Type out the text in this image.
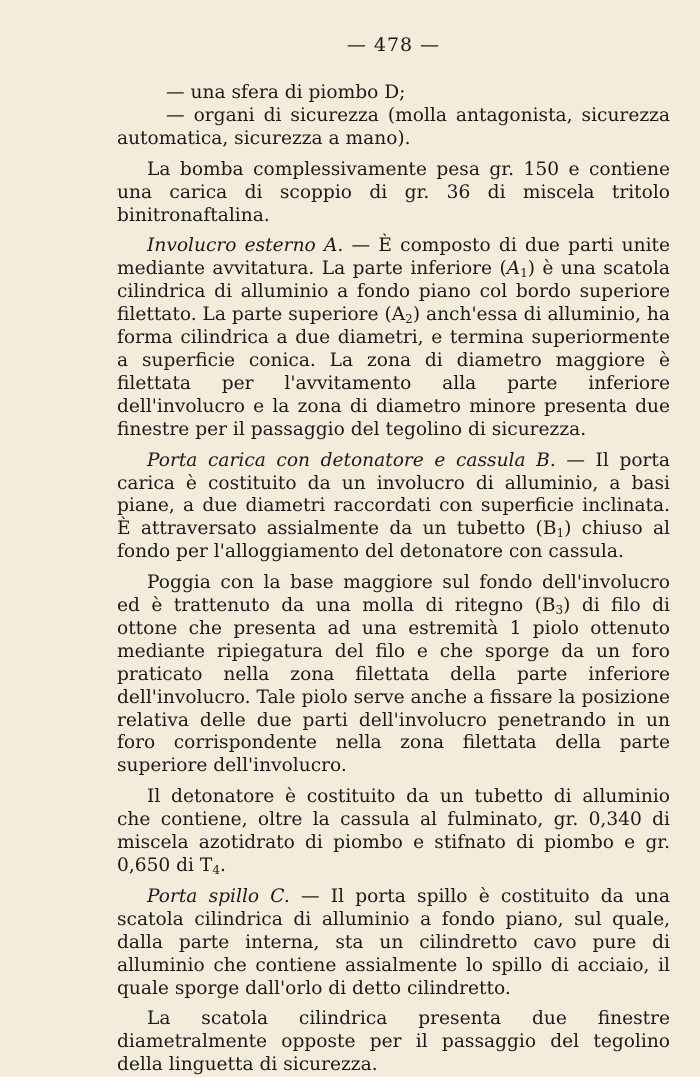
— 478 —

— una sfera di piombo D;

— organi di sicurezza (molla antagonista, sicurezza automatica, sicurezza a mano).

La bomba complessivamente pesa gr. 150 e contiene una carica di scoppio di gr. 36 di miscela tritolo binitronaftalina.

Involucro esterno A. — È composto di due parti unite mediante avvitatura. La parte inferiore $(A_1)$ è una scatola cilindrica di alluminio a fondo piano col bordo superiore filettato. La parte superiore $(A_2)$ anch'essa di alluminio, ha forma cilindrica a due diametri, e termina superiormente a superficie conica. La zona di diametro maggiore è filettata per l'avvitamento alla parte inferiore dell'involucro e la zona di diametro minore presenta due finestre per il passaggio del tegolino di sicurezza.

Porta carica con detonatore e cassula B. — Il porta carica è costituito da un involucro di alluminio, a basi piane, a due diametri raccordati con superficie inclinata. È attraversato assialmente da un tubetto $(B_1)$ chiuso al fondo per l'alloggiamento del detonatore con cassula.

Poggia con la base maggiore sul fondo dell'involucro ed è trattenuto da una molla di ritegno $(B_3)$ di filo di ottone che presenta ad una estremità 1 piolo ottenuto mediante ripiegatura del filo e che sporge da un foro praticato nella zona filettata della parte inferiore dell'involucro. Tale piolo serve anche a fissare la posizione relativa delle due parti dell'involucro penetrando in un foro corrispondente nella zona filettata della parte superiore dell'involucro.

Il detonatore è costituito da un tubetto di alluminio che contiene, oltre la cassula al fulminato, gr. 0,340 di miscela azotidrato di piombo e stifnato di piombo e gr. 0,650 di $T_4$.

Porta spillo C. — Il porta spillo è costituito da una scatola cilindrica di alluminio a fondo piano, sul quale, dalla parte interna, sta un cilindretto cavo pure di alluminio che contiene assialmente lo spillo di acciaio, il quale sporge dall'orlo di detto cilindretto.

La scatola cilindrica presenta due finestre diametralmente opposte per il passaggio del tegolino della linguetta di sicurezza.
